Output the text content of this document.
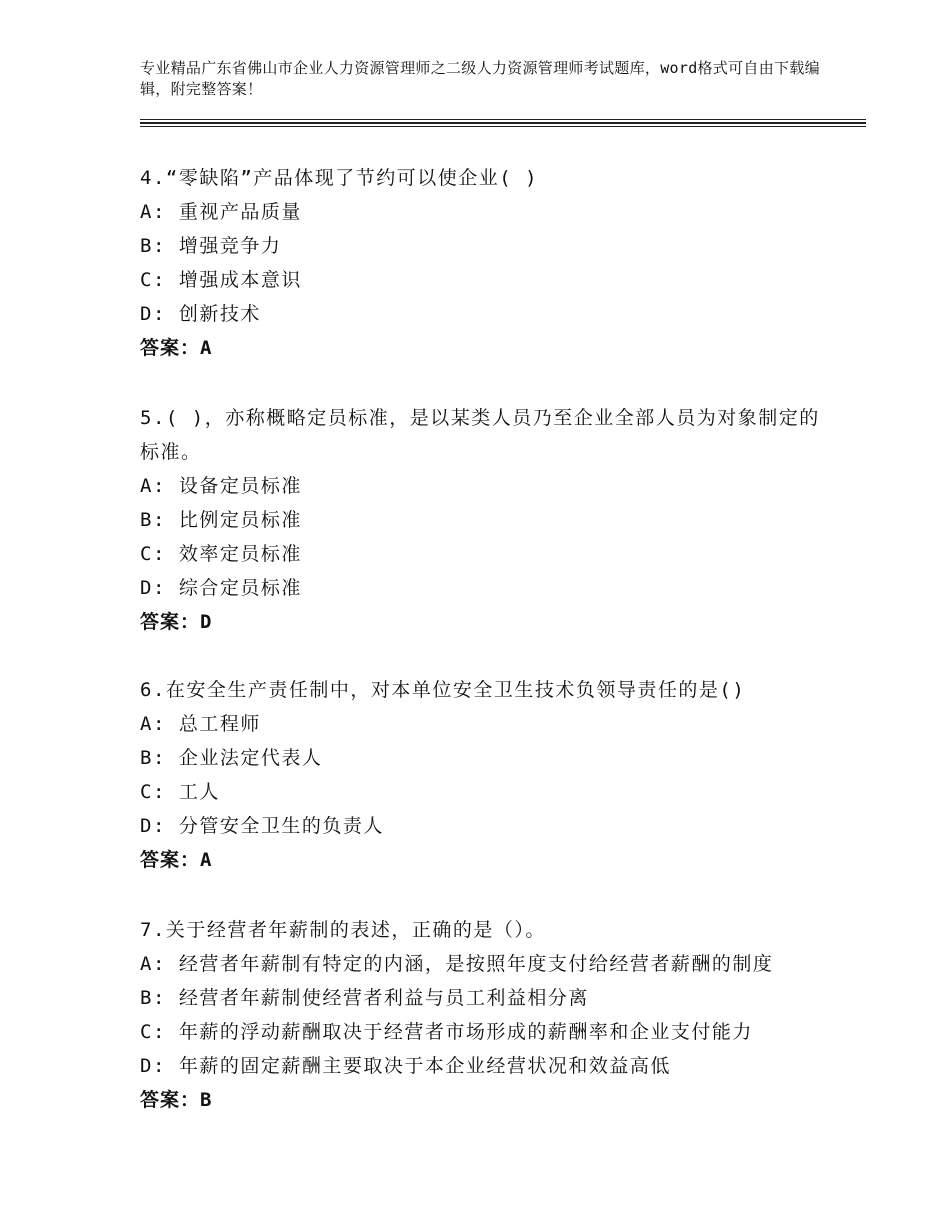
专业精品广东省佛山市企业人力资源管理师之二级人力资源管理师考试题库，word格式可自由下载编辑，附完整答案！
4.“零缺陷”产品体现了节约可以使企业( )
A: 重视产品质量
B: 增强竞争力
C: 增强成本意识
D: 创新技术
答案：A
5.( )，亦称概略定员标准，是以某类人员乃至企业全部人员为对象制定的标准。
A: 设备定员标准
B: 比例定员标准
C: 效率定员标准
D: 综合定员标准
答案：D
6.在安全生产责任制中，对本单位安全卫生技术负领导责任的是()
A: 总工程师
B: 企业法定代表人
C: 工人
D: 分管安全卫生的负责人
答案：A
7.关于经营者年薪制的表述，正确的是（）。
A: 经营者年薪制有特定的内涵，是按照年度支付给经营者薪酬的制度
B: 经营者年薪制使经营者利益与员工利益相分离
C: 年薪的浮动薪酬取决于经营者市场形成的薪酬率和企业支付能力
D: 年薪的固定薪酬主要取决于本企业经营状况和效益高低
答案：B
